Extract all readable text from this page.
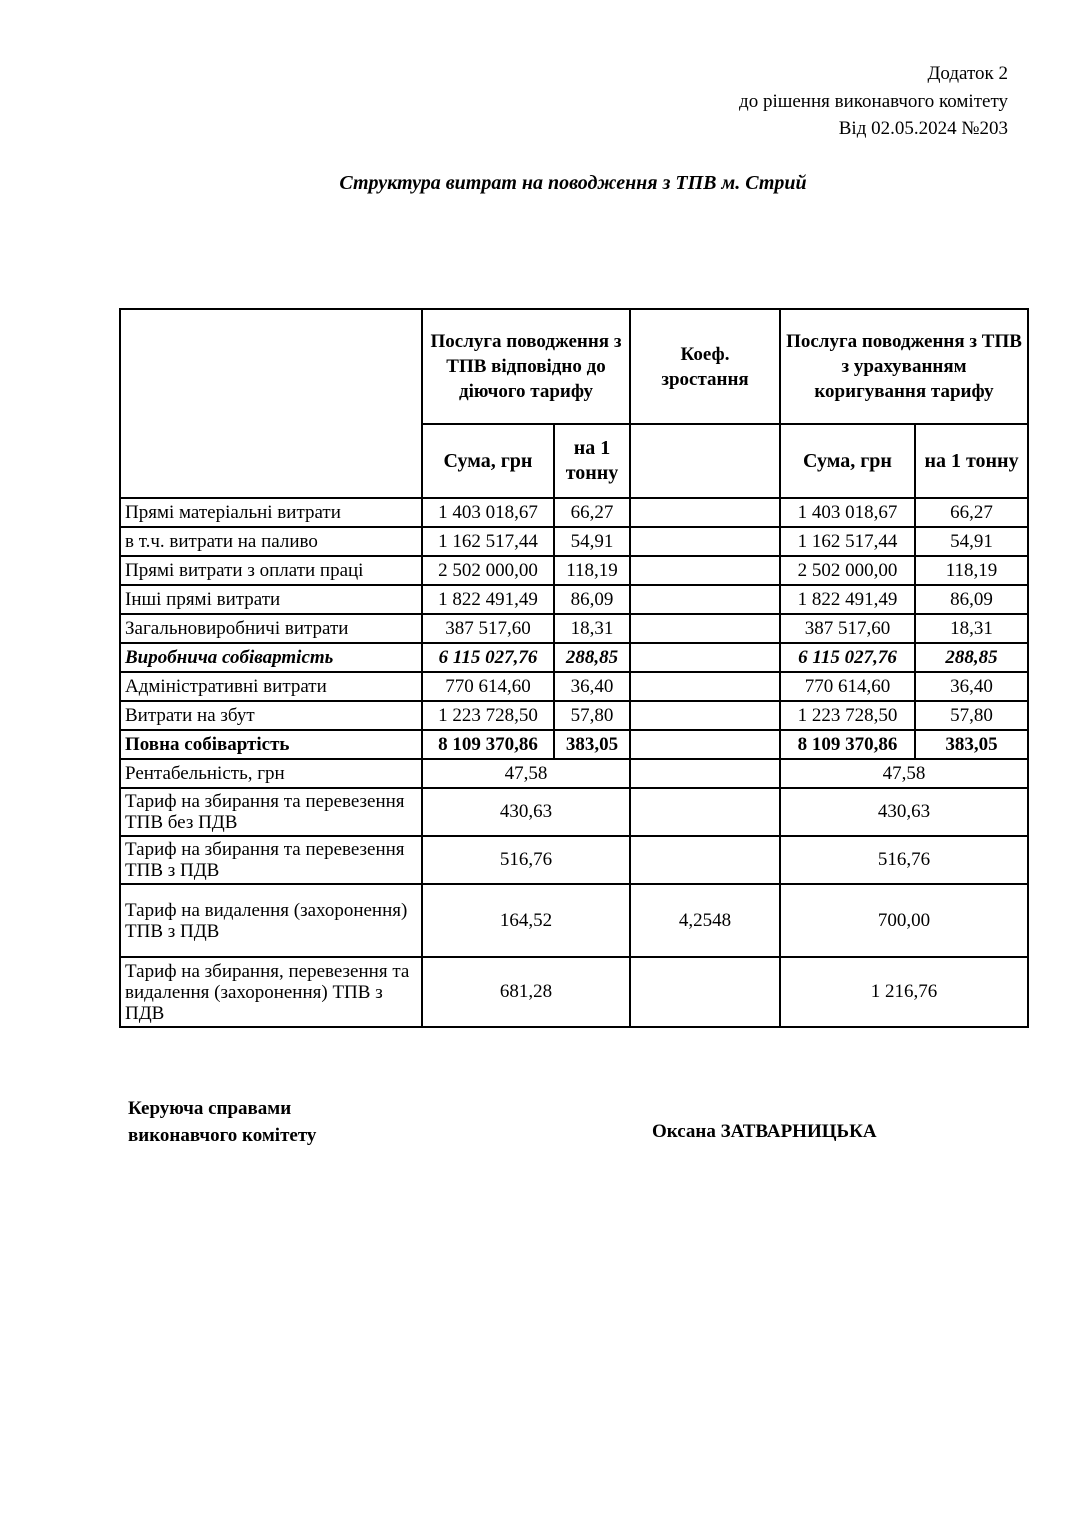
Додаток 2
до рішення виконавчого комітету
Від 02.05.2024 №203
Структура витрат на поводження з ТПВ м. Стрий
	Послуга поводження з ТПВ відповідно до діючого тарифу		Коеф. зростання	Послуга поводження з ТПВ з урахуванням коригування тарифу	
	Сума, грн	на 1 тонну		Сума, грн	на 1 тонну
Прямі матеріальні витрати	1 403 018,67	66,27		1 403 018,67	66,27
в т.ч. витрати на паливо	1 162 517,44	54,91		1 162 517,44	54,91
Прямі витрати з оплати праці	2 502 000,00	118,19		2 502 000,00	118,19
Інші прямі витрати	1 822 491,49	86,09		1 822 491,49	86,09
Загальновиробничі витрати	387 517,60	18,31		387 517,60	18,31
Виробнича собівартість	6 115 027,76	288,85		6 115 027,76	288,85
Адміністративні витрати	770 614,60	36,40		770 614,60	36,40
Витрати на збут	1 223 728,50	57,80		1 223 728,50	57,80
Повна собівартість	8 109 370,86	383,05		8 109 370,86	383,05
Рентабельність, грн	47,58			47,58	
Тариф на збирання та перевезення ТПВ без ПДВ	430,63			430,63	
Тариф на збирання та перевезення ТПВ з ПДВ	516,76			516,76	
Тариф на видалення (захоронення) ТПВ з ПДВ	164,52		4,2548	700,00	
Тариф на збирання, перевезення та видалення (захоронення) ТПВ з ПДВ	681,28			1 216,76	
Керуюча справами
виконавчого комітету	Оксана ЗАТВАРНИЦЬКА
